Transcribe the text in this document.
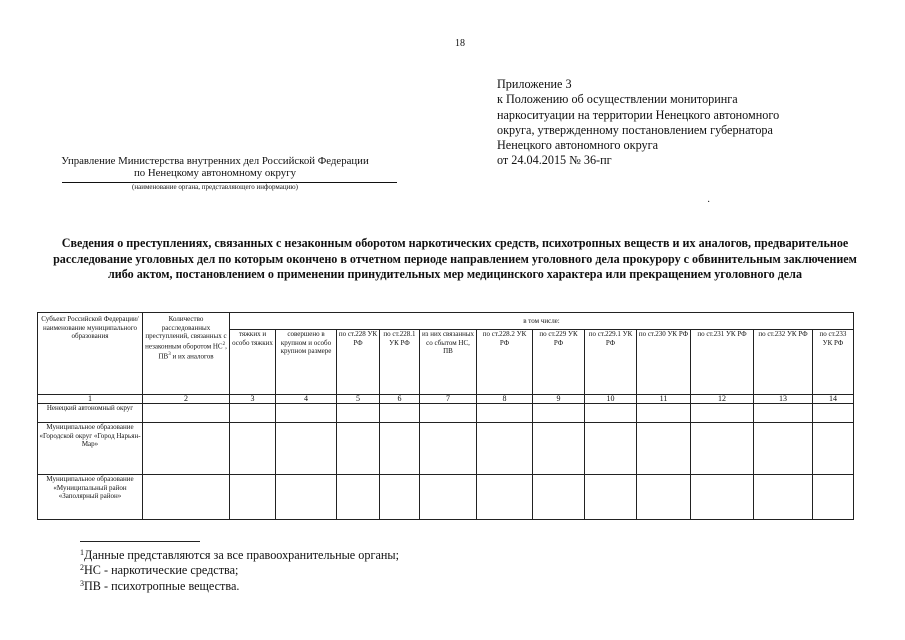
18
Приложение 3
к Положению об осуществлении мониторинга
наркоситуации на территории Ненецкого автономного
округа, утвержденному постановлением губернатора
Ненецкого автономного округа
от 24.04.2015 № 36-пг
Управление Министерства внутренних дел Российской Федерации
по Ненецкому автономному округу
(наименование органа, представляющего информацию)
·
Сведения о преступлениях, связанных с незаконным оборотом наркотических средств, психотропных веществ и их аналогов, предварительное расследование уголовных дел по которым окончено в отчетном периоде направлением уголовного дела прокурору с обвинительным заключением либо актом, постановлением о применении принудительных мер медицинского характера или прекращением уголовного дела
Субъект Российской Федерации/ наименование муниципального образования	Количество расследованных преступлений, связанных с незаконным оборотом $НС^2$, $ПВ^3$ и их аналогов	в том числе:											
		тяжких и особо тяжких	совершено в крупном и особо крупном размере	по ст.228 УК РФ	по ст.228.1 УК РФ	из них связанных со сбытом НС, ПВ	по ст.228.2 УК РФ	по ст.229 УК РФ	по ст.229.1 УК РФ	по ст.230 УК РФ	по ст.231 УК РФ	по ст.232 УК РФ	по ст.233 УК РФ
1	2	3	4	5	6	7	8	9	10	11	12	13	14
Ненецкий автономный округ													
Муниципальное образование «Городской округ «Город Нарьян-Мар»													
Муниципальное образование «Муниципальный район «Заполярный район»													
$^1$Данные представляются за все правоохранительные органы;
$^2$НС - наркотические средства;
$^3$ПВ - психотропные вещества.
